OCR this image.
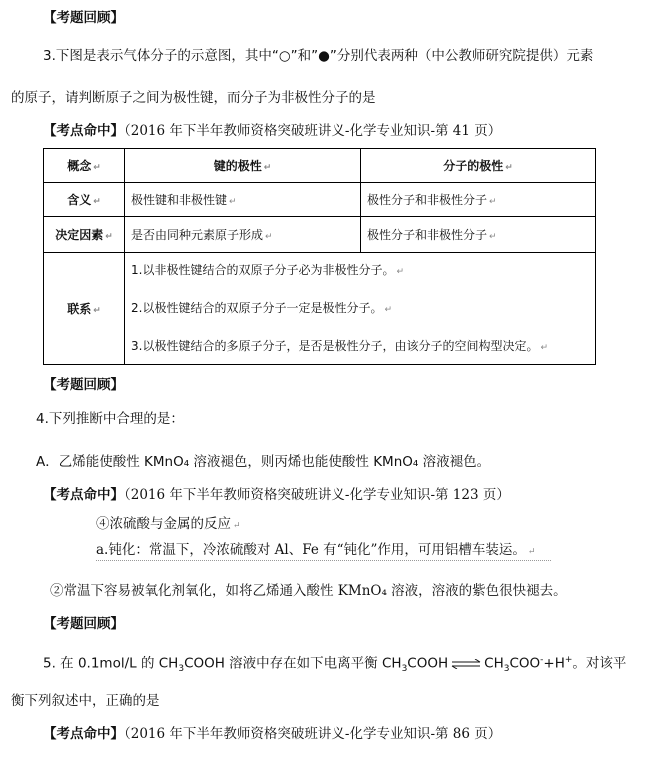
【考题回顾】
3.下图是表示气体分子的示意图，其中“○”和”●”分别代表两种（中公教师研究院提供）元素
的原子，请判断原子之间为极性键，而分子为非极性分子的是
【考点命中】（2016 年下半年教师资格突破班讲义-化学专业知识-第 41 页）
概念 ↵	键的极性 ↵	分子的极性 ↵
含义 ↵	极性键和非极性键 ↵	极性分子和非极性分子 ↵
决定因素 ↵	是否由同种元素原子形成 ↵	极性分子和非极性分子 ↵
联系 ↵	1.以非极性键结合的双原子分子必为非极性分子。 ↵

2.以极性键结合的双原子分子一定是极性分子。 ↵

3.以极性键结合的多原子分子，是否是极性分子，由该分子的空间构型决定。 ↵	

【考题回顾】
4.下列推断中合理的是：
A．乙烯能使酸性 KMnO₄ 溶液褪色，则丙烯也能使酸性 KMnO₄ 溶液褪色。
【考点命中】（2016 年下半年教师资格突破班讲义-化学专业知识-第 123 页）
④浓硫酸与金属的反应 ↵
a.钝化：常温下，冷浓硫酸对 Al、Fe 有“钝化”作用，可用铝槽车装运。 ↵
②常温下容易被氧化剂氧化，如将乙烯通入酸性 KMnO₄ 溶液，溶液的紫色很快褪去。
【考题回顾】
5. 在 0.1mol/L 的 $CH_3COOH$ 溶液中存在如下电离平衡 $CH_3COOH$ ⇌ $CH_3COO^-+H^+$。对该平
衡下列叙述中，正确的是
【考点命中】（2016 年下半年教师资格突破班讲义-化学专业知识-第 86 页）
